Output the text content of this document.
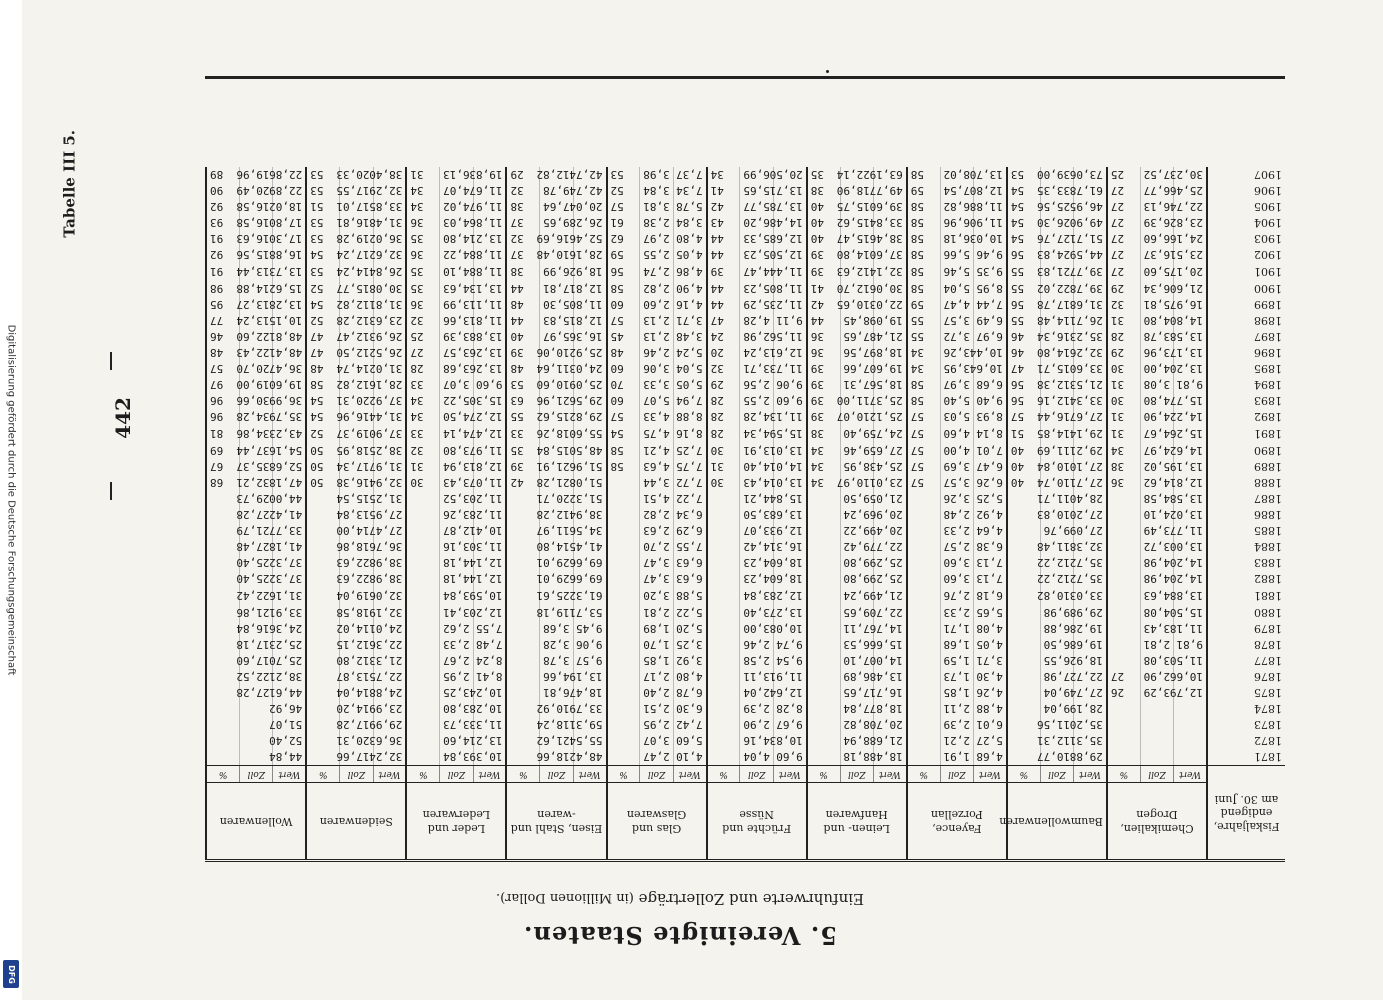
Digitalisierung gefördert durch die Deutsche Forschungsgemeinschaft
DFG
5. Vereinigte Staaten.
Einfuhrwerte und Zollerträge (in Millionen Dollar).
Fiskaljahre, endigend am 30. Juni	Chemikalien, Drogen			Baumwollenwaren			Fayence, Porzellan			Leinen- und Hanfwaren			Früchte und Nüsse			Glas und Glaswaren			Eisen, Stahl und -waren			Leder und Lederwaren			Seidenwaren			Wollenwaren		
	Wert	Zoll	%	Wert	Zoll	%	Wert	Zoll	%	Wert	Zoll	%	Wert	Zoll	%	Wert	Zoll	%	Wert	Zoll	%	Wert	Zoll	%	Wert	Zoll	%	Wert	Zoll	%
1871				29,88	10,77		4,68	1,91		18,48	8,18		9,60	4,04		4,10	2,47		48,42	18,66		10,39	3,84		32,24	17,66		44,84		
1872				35,31	12,31		5,27	2,21		21,68	8,94		10,83	4,16		5,60	3,07		55,54	21,62		13,21	4,60		36,63	20,31		52,40		
1873				35,20	11,56		6,01	2,39		20,70	8,82		9,67	2,90		7,42	2,95		59,31	18,24		11,33	3,73		29,99	17,28		51,07		
1874				28,19	9,04		4,88	2,11		18,87	7,84		8,28	2,39		6,30	2,51		33,79	10,92		10,28	3,80		23,99	14,20		46,92		
1875	12,79	3,29	26	27,74	9,04		4,26	1,85		16,71	7,65		12,64	2,04		6,78	2,40		18,47	6,81		10,24	3,25		24,88	14,04		44,61	27,28	
1876	10,66	2,90	27	22,72	7,98		4,30	1,73		13,48	6,89		11,91	3,11		4,80	2,17		13,19	4,66		8,41	2,95		22,75	13,87		38,21	22,52	
1877	11,50	3,08		18,92	6,55		3,71	1,59		14,00	7,10		9,54	2,58		3,92	1,85		9,57	3,78		8,24	2,67		21,33	12,80		25,70	17,60	
1878	9,81	2,81		19,68	6,50		4,05	1,68		15,66	6,53		9,74	2,46		3,25	1,70		9,06	3,28		7,48	2,33		22,36	12,15		25,23	17,18	
1879	11,18	3,43		19,28	6,88		4,08	1,71		14,76	7,11		10,08	3,00		5,20	1,89		9,45	3,68		7,55	2,62		24,01	14,02		24,36	16,84	
1880	15,50	4,08		29,98	9,98		5,65	2,33		22,70	9,65		13,27	3,40		5,22	2,81		53,71	19,18		12,20	3,41		32,19	18,58		33,91	21,86	
1881	13,88	4,63		33,03	10,82		6,18	2,76		21,49	9,24		12,28	3,84		5,88	3,20		61,32	25,61		10,59	3,84		32,06	19,04		31,16	22,42	
1882	14,20	4,98		35,72	12,22		7,13	3,60		25,29	9,80		18,60	4,23		6,63	3,47		69,66	29,01		12,14	4,18		38,98	22,63		37,32	25,40	
1883	14,20	4,98		35,72	12,22		7,13	3,60		25,29	9,80		18,60	4,23		6,63	3,47		69,66	29,01		12,14	4,18		38,98	22,63		37,32	25,40	
1884	13,00	3,72		32,38	11,48		6,38	2,57		22,77	9,42		16,31	4,42		7,55	2,70		41,45	14,80		11,30	3,16		36,76	18,86		41,18	27,48	
1885	11,77	3,49		27,09	9,76		4,64	2,33		20,49	9,22		12,93	3,07		6,29	2,63		34,56	11,97		10,41	2,87		27,47	14,00		33,77	21,79	
1886	13,02	4,10		27,20	10,83		4,92	2,48		20,96	9,24		13,68	3,50		6,34	2,82		38,94	12,28		11,28	3,26		27,95	13,84		41,42	27,28	
1887	13,58	4,58		28,40	11,71		5,25	3,26		21,05	9,50		15,84	4,21		7,22	4,51		51,32	20,71		11,20	3,52		31,25	15,54		44,00	29,73	
1888	12,81	4,62	36	27,71	10,74	40	6,26	3,57	57	23,01	10,97	34	13,01	4,43	30	7,72	3,44		51,08	21,28	42	11,07	3,43	30	32,94	16,38	50	47,18	32,21	68
1889	13,19	5,02	38	27,10	10,84	40	6,47	3,69	57	25,43	8,95	34	14,01	4,40	31	7,75	4,63	58	51,96	21,91	39	12,81	3,94	31	31,97	17,34	50	52,68	35,37	67
1890	14,62	4,97	34	29,21	11,69	40	7,01	4,00	57	27,65	9,46	34	13,01	3,91	30	7,25	4,21	58	48,50	15,84	35	11,97	3,80	32	38,25	18,95	50	54,16	37,44	69
1891	15,26	4,67	31	29,14	14,85	51	8,14	4,60	57	24,75	9,40	38	15,59	4,34	28	8,16	4,75	54	55,60	18,26	33	12,47	4,14	33	37,90	19,37	52	43,23	34,86	81
1892	14,22	4,90	31	27,67	16,44	57	8,93	5,03	57	25,12	10,07	39	11,13	4,28	28	8,88	4,33	57	29,82	15,62	55	12,27	4,50	34	31,44	16,96	54	35,79	34,28	96
1893	15,77	4,80	30	33,34	12,16	56	9,40	5,40	58	25,37	11,00	39	9,60	2,55	28	7,94	5,07	60	29,56	21,96	63	15,30	5,22	34	37,92	20,31	54	36,99	30,66	96
1894	9,81	3,08	31	21,53	12,38	56	6,68	3,97	58	18,56	7,31	39	9,06	2,56	29	5,05	3,33	70	25,09	10,60	53	9,60	3,07	33	28,16	12,82	58	19,60	19,00	97
1895	13,20	4,00	30	33,60	15,71	47	10,64	3,95	34	19,60	7,66	39	11,73	3,71	32	5,04	3,06	60	24,03	11,64	48	13,26	3,68	28	31,02	14,74	48	36,47	20,70	57
1896	13,17	3,96	29	32,26	14,80	46	10,44	3,26	34	18,89	7,56	36	12,61	3,24	20	5,24	2,46	48	25,92	10,06	39	13,26	3,57	27	26,52	12,50	47	48,41	22,43	48
1897	13,58	3,78	28	35,23	16,34	46	6,97	3,72	55	21,48	7,65	36	11,56	2,98	24	3,48	2,13	45	16,36	5,97	40	13,88	3,39	25	26,93	12,47	47	48,81	22,60	46
1898	14,80	4,80	31	26,71	14,48	55	6,49	3,57	55	19,09	8,45	44	9,11	4,28	47	3,71	2,13	57	12,81	5,83	44	11,81	3,66	32	23,63	12,28	52	10,15	13,24	77
1899	16,97	5,81	32	31,68	17,78	56	7,44	4,47	59	22,03	10,65	42	11,23	5,29	44	4,16	2,60	60	11,80	5,30	48	11,11	3,99	36	31,81	12,82	54	13,28	13,27	95
1900	21,60	6,34	29	39,78	22,02	55	8,95	5,04	58	30,06	12,70	41	11,80	5,23	44	4,90	2,82	58	12,81	7,81	44	13,13	4,63	35	30,08	15,77	52	15,62	14,88	98
1901	20,17	5,60	27	39,77	21,83	55	9,35	5,46	58	32,14	12,63	39	11,44	4,47	39	4,86	2,74	56	18,92	6,99	38	11,88	4,10	35	26,84	14,24	53	13,73	13,44	91
1902	23,51	6,37	27	44,59	24,83	56	9,46	5,66	58	37,60	14,80	39	12,50	5,23	44	4,05	2,55	59	28,16	10,48	37	11,88	4,22	36	32,62	17,24	54	16,88	15,56	92
1903	24,16	6,60	27	51,71	27,76	54	10,03	6,18	58	38,46	15,47	40	12,68	5,33	44	4,80	2,97	62	52,46	16,69	32	13,21	4,80	35	36,02	19,28	53	17,30	16,63	91
1904	23,82	6,39	27	49,90	26,30	54	11,90	6,96	58	33,84	15,62	40	14,48	6,20	43	3,84	2,38	61	26,28	9,65	37	11,86	4,03	36	31,48	16,81	53	17,80	16,58	93
1905	22,74	6,13	27	46,95	25,56	54	11,88	6,82	58	39,60	15,75	40	13,78	5,77	42	5,78	3,81	57	20,04	7,64	38	11,97	4,02	34	33,85	17,01	51	18,02	16,58	92
1906	25,46	6,77	27	61,78	33,35	54	12,80	7,54	59	49,77	18,90	38	13,71	5,65	41	7,34	3,84	52	42,74	9,78	32	11,67	4,07	34	32,29	17,55	53	22,89	20,49	90
1907	30,23	7,52	25	73,06	39,00	53	13,70	8,02	58	63,19	22,14	35	20,50	6,99	34	7,37	3,98	53	42,74	12,82	29	19,83	6,13	31	38,40	20,33	53	22,86	19,96	89
442
Tabelle III 5.
